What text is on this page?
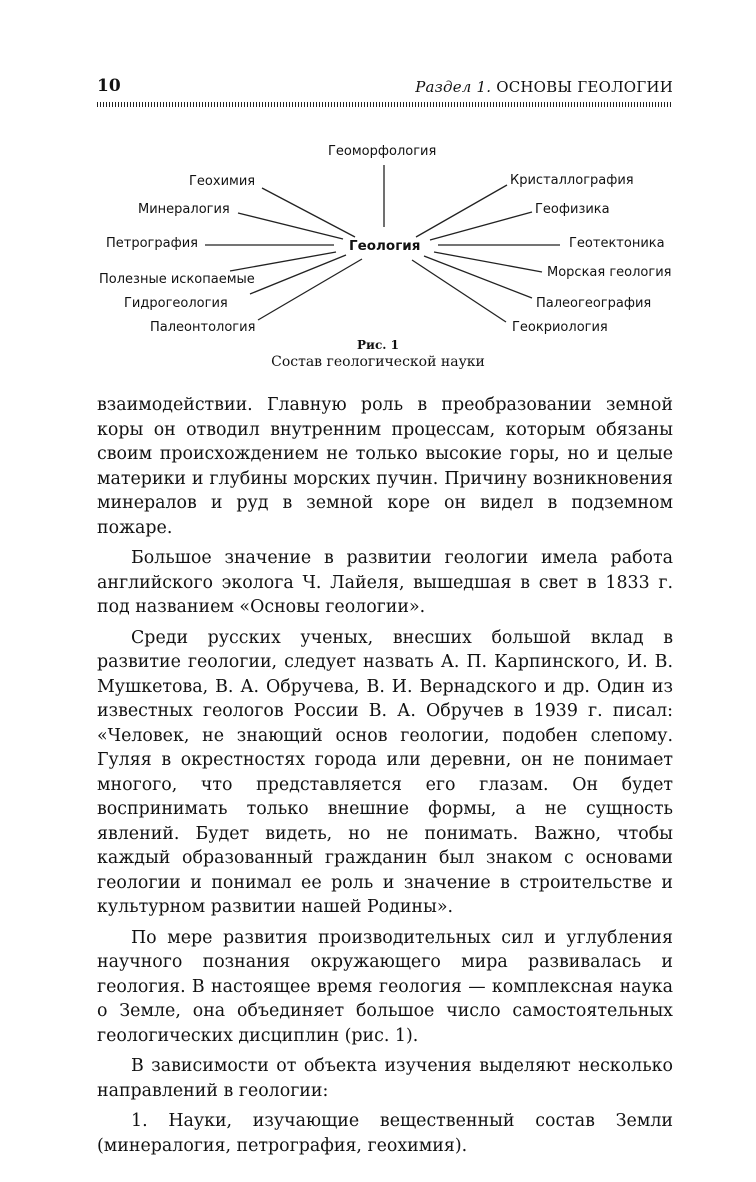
10	Раздел 1. ОСНОВЫ ГЕОЛОГИИ
Геоморфология
Геохимия
Минералогия
Петрография
Полезные ископаемые
Гидрогеология
Палеонтология
Геология
Кристаллография
Геофизика
Геотектоника
Морская геология
Палеогеография
Геокриология
Рис. 1
Состав геологической науки

взаимодействии. Главную роль в преобразовании земной коры он отводил внутренним процессам, которым обязаны своим происхождением не только высокие горы, но и целые материки и глубины морских пучин. Причину возникновения минералов и руд в земной коре он видел в подземном пожаре.

Большое значение в развитии геологии имела работа английского эколога Ч. Лайеля, вышедшая в свет в 1833 г. под названием «Основы геологии».

Среди русских ученых, внесших большой вклад в развитие геологии, следует назвать А. П. Карпинского, И. В. Мушкетова, В. А. Обручева, В. И. Вернадского и др. Один из известных геологов России В. А. Обручев в 1939 г. писал: «Человек, не знающий основ геологии, подобен слепому. Гуляя в окрестностях города или деревни, он не понимает многого, что представляется его глазам. Он будет воспринимать только внешние формы, а не сущность явлений. Будет видеть, но не понимать. Важно, чтобы каждый образованный гражданин был знаком с основами геологии и понимал ее роль и значение в строительстве и культурном развитии нашей Родины».

По мере развития производительных сил и углубления научного познания окружающего мира развивалась и геология. В настоящее время геология — комплексная наука о Земле, она объединяет большое число самостоятельных геологических дисциплин (рис. 1).

В зависимости от объекта изучения выделяют несколько направлений в геологии:

1. Науки, изучающие вещественный состав Земли (минералогия, петрография, геохимия).
